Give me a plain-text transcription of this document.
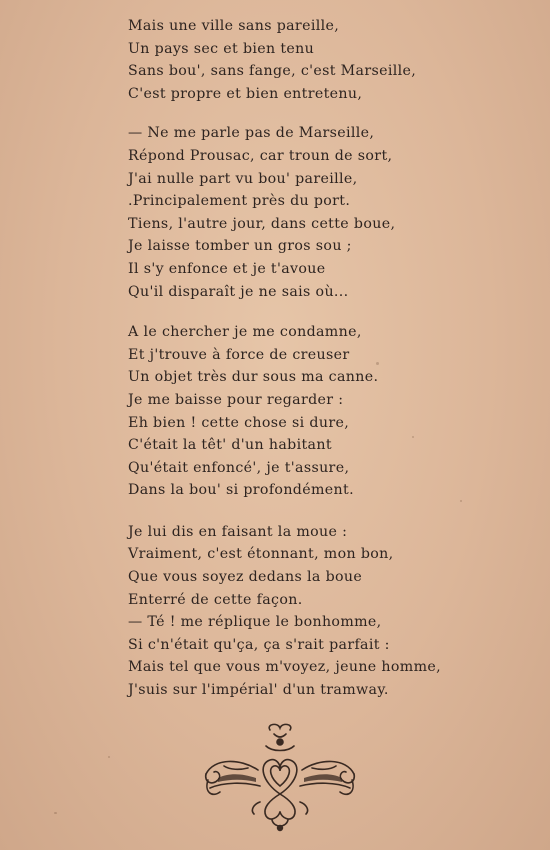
Mais une ville sans pareille,
Un pays sec et bien tenu
Sans bou', sans fange, c'est Marseille,
C'est propre et bien entretenu,
— Ne me parle pas de Marseille,
Répond Prousac, car troun de sort,
J'ai nulle part vu bou' pareille,
.Principalement près du port.
Tiens, l'autre jour, dans cette boue,
Je laisse tomber un gros sou ;
Il s'y enfonce et je t'avoue
Qu'il disparaît je ne sais où...
A le chercher je me condamne,
Et j'trouve à force de creuser
Un objet très dur sous ma canne.
Je me baisse pour regarder :
Eh bien ! cette chose si dure,
C'était la têt' d'un habitant
Qu'était enfoncé', je t'assure,
Dans la bou' si profondément.
Je lui dis en faisant la moue :
Vraiment, c'est étonnant, mon bon,
Que vous soyez dedans la boue
Enterré de cette façon.
— Té ! me réplique le bonhomme,
Si c'n'était qu'ça, ça s'rait parfait :
Mais tel que vous m'voyez, jeune homme,
J'suis sur l'impérial' d'un tramway.
